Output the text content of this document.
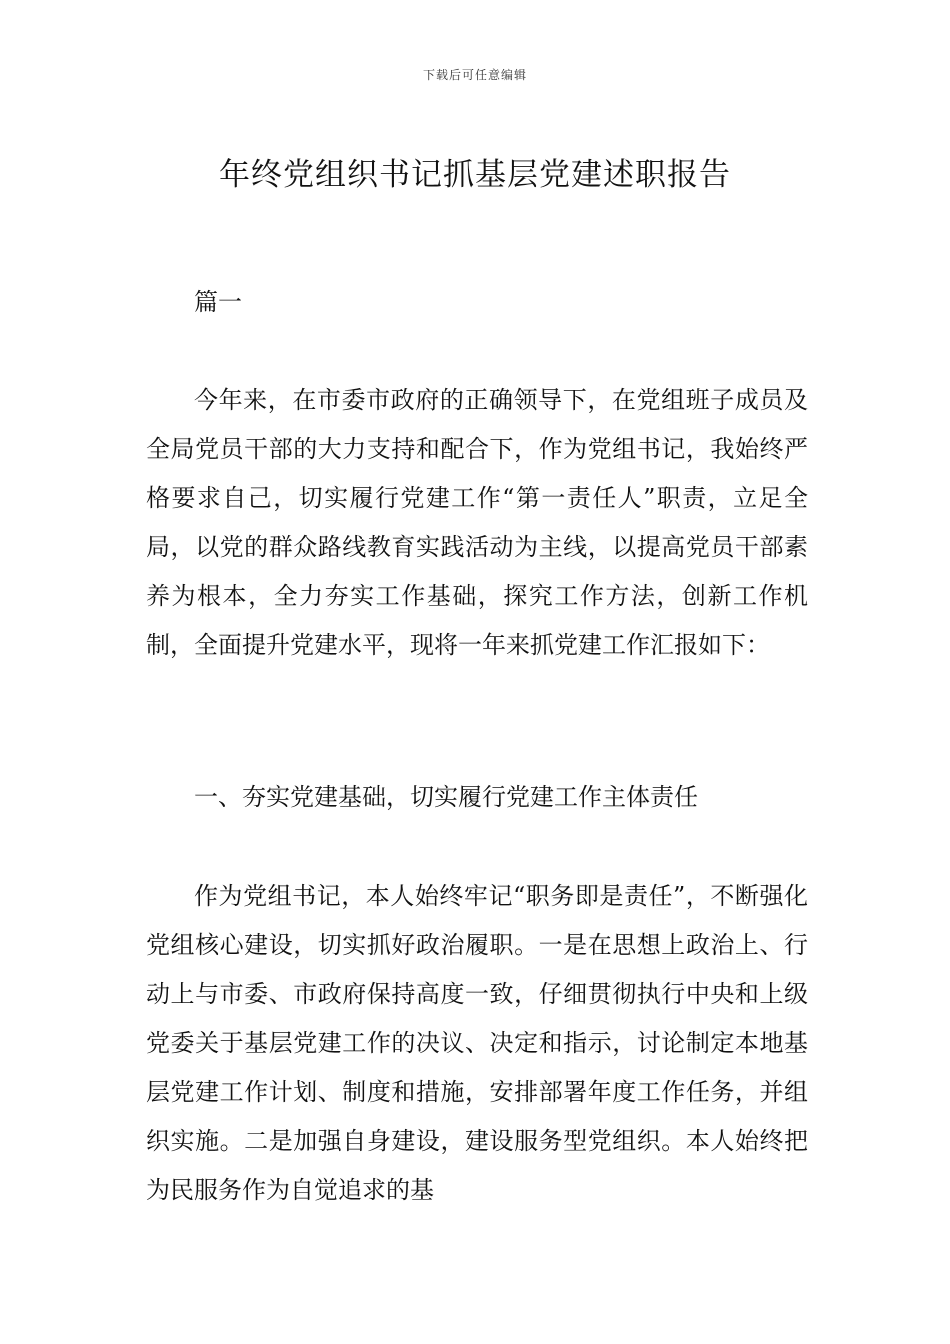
下载后可任意编辑
年终党组织书记抓基层党建述职报告
篇一

今年来，在市委市政府的正确领导下，在党组班子成员及全局党员干部的大力支持和配合下，作为党组书记，我始终严格要求自己，切实履行党建工作“第一责任人”职责，立足全局，以党的群众路线教育实践活动为主线，以提高党员干部素养为根本，全力夯实工作基础，探究工作方法，创新工作机制，全面提升党建水平，现将一年来抓党建工作汇报如下：

一、夯实党建基础，切实履行党建工作主体责任

作为党组书记，本人始终牢记“职务即是责任”，不断强化党组核心建设，切实抓好政治履职。一是在思想上政治上、行动上与市委、市政府保持高度一致，仔细贯彻执行中央和上级党委关于基层党建工作的决议、决定和指示，讨论制定本地基层党建工作计划、制度和措施，安排部署年度工作任务，并组织实施。二是加强自身建设，建设服务型党组织。本人始终把为民服务作为自觉追求的基
